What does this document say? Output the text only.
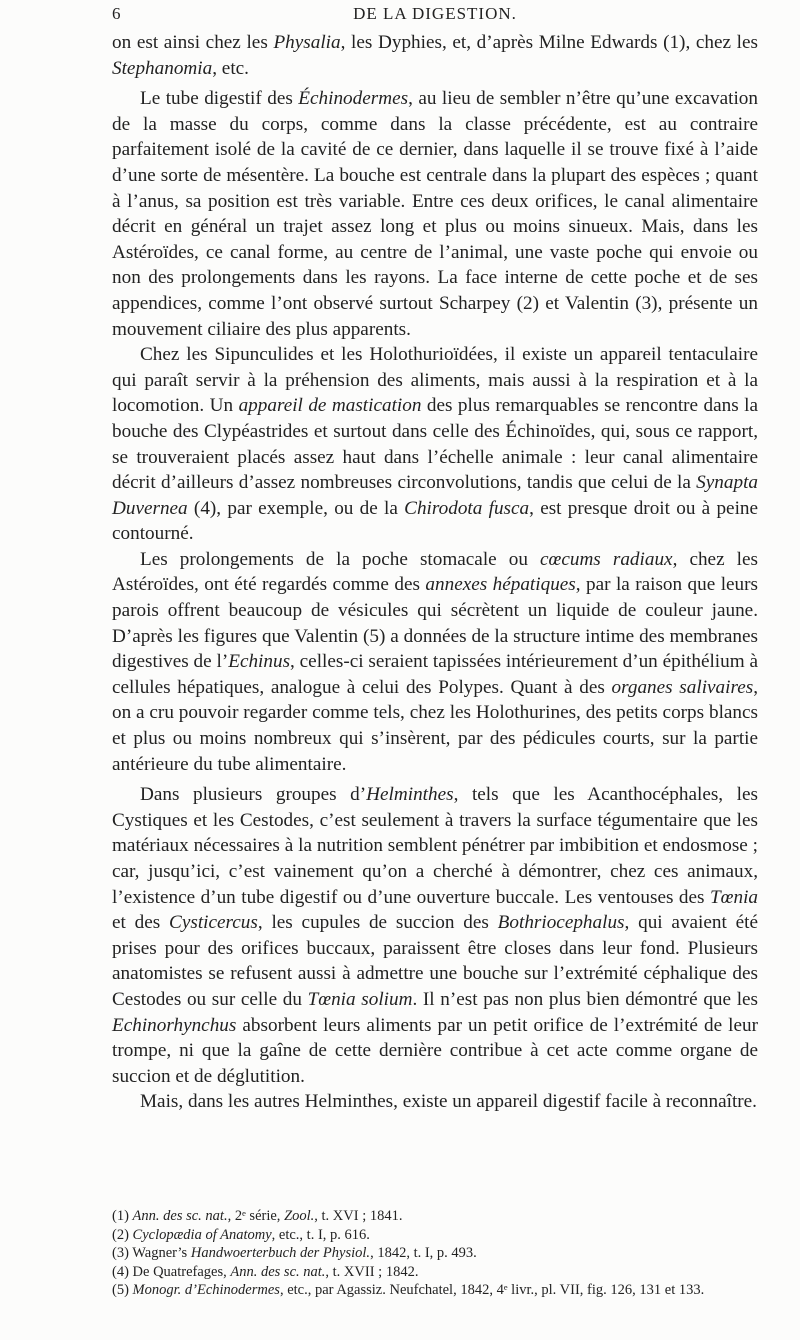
6	DE LA DIGESTION.

on est ainsi chez les Physalia, les Dyphies, et, d’après Milne Edwards (1), chez les Stephanomia, etc.

Le tube digestif des Échinodermes, au lieu de sembler n’être qu’une excavation de la masse du corps, comme dans la classe précédente, est au contraire parfaitement isolé de la cavité de ce dernier, dans laquelle il se trouve fixé à l’aide d’une sorte de mésentère. La bouche est centrale dans la plupart des espèces ; quant à l’anus, sa position est très variable. Entre ces deux orifices, le canal alimentaire décrit en général un trajet assez long et plus ou moins sinueux. Mais, dans les Astéroïdes, ce canal forme, au centre de l’animal, une vaste poche qui envoie ou non des prolongements dans les rayons. La face interne de cette poche et de ses appendices, comme l’ont observé surtout Scharpey (2) et Valentin (3), présente un mouvement ciliaire des plus apparents.

Chez les Sipunculides et les Holothurioïdées, il existe un appareil tentaculaire qui paraît servir à la préhension des aliments, mais aussi à la respiration et à la locomotion. Un appareil de mastication des plus remarquables se rencontre dans la bouche des Clypéastrides et surtout dans celle des Échinoïdes, qui, sous ce rapport, se trouveraient placés assez haut dans l’échelle animale : leur canal alimentaire décrit d’ailleurs d’assez nombreuses circonvolutions, tandis que celui de la Synapta Duvernea (4), par exemple, ou de la Chirodota fusca, est presque droit ou à peine contourné.

Les prolongements de la poche stomacale ou cœcums radiaux, chez les Astéroïdes, ont été regardés comme des annexes hépatiques, par la raison que leurs parois offrent beaucoup de vésicules qui sécrètent un liquide de couleur jaune. D’après les figures que Valentin (5) a données de la structure intime des membranes digestives de l’Echinus, celles-ci seraient tapissées intérieurement d’un épithélium à cellules hépatiques, analogue à celui des Polypes. Quant à des organes salivaires, on a cru pouvoir regarder comme tels, chez les Holothurines, des petits corps blancs et plus ou moins nombreux qui s’insèrent, par des pédicules courts, sur la partie antérieure du tube alimentaire.

Dans plusieurs groupes d’Helminthes, tels que les Acanthocéphales, les Cystiques et les Cestodes, c’est seulement à travers la surface tégumentaire que les matériaux nécessaires à la nutrition semblent pénétrer par imbibition et endosmose ; car, jusqu’ici, c’est vainement qu’on a cherché à démontrer, chez ces animaux, l’existence d’un tube digestif ou d’une ouverture buccale. Les ventouses des Tœnia et des Cysticercus, les cupules de succion des Bothriocephalus, qui avaient été prises pour des orifices buccaux, paraissent être closes dans leur fond. Plusieurs anatomistes se refusent aussi à admettre une bouche sur l’extrémité céphalique des Cestodes ou sur celle du Tœnia solium. Il n’est pas non plus bien démontré que les Echinorhynchus absorbent leurs aliments par un petit orifice de l’extrémité de leur trompe, ni que la gaîne de cette dernière contribue à cet acte comme organe de succion et de déglutition.

Mais, dans les autres Helminthes, existe un appareil digestif facile à reconnaître.

(1) Ann. des sc. nat., 2ᵉ série, Zool., t. XVI ; 1841.
(2) Cyclopædia of Anatomy, etc., t. I, p. 616.
(3) Wagner’s Handwoerterbuch der Physiol., 1842, t. I, p. 493.
(4) De Quatrefages, Ann. des sc. nat., t. XVII ; 1842.
(5) Monogr. d’Echinodermes, etc., par Agassiz. Neufchatel, 1842, 4ᵉ livr., pl. VII, fig. 126, 131 et 133.
